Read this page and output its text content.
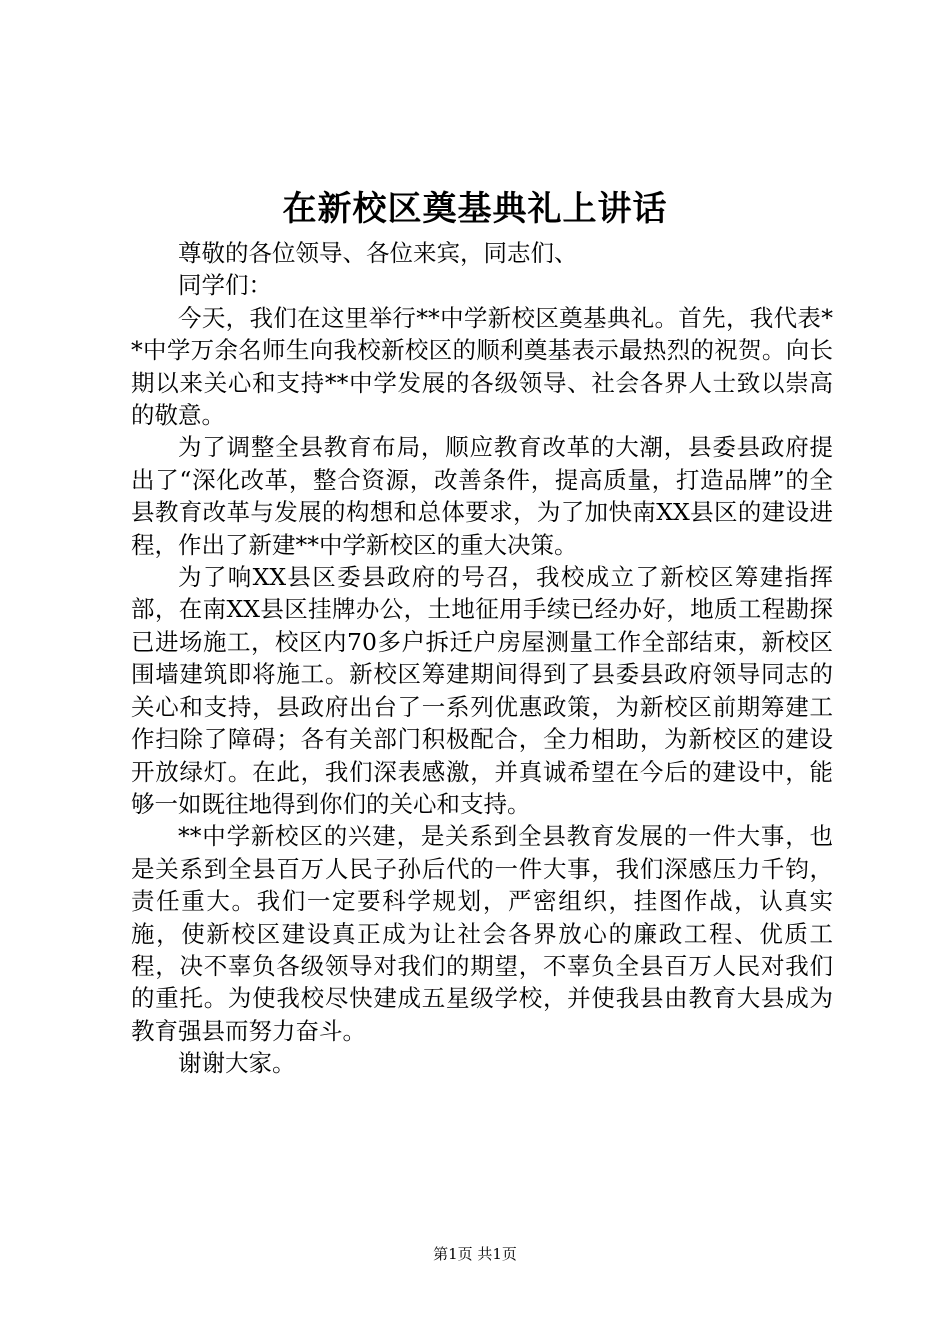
在新校区奠基典礼上讲话

尊敬的各位领导、各位来宾，同志们、

同学们：

今天，我们在这里举行**中学新校区奠基典礼。首先，我代表**中学万余名师生向我校新校区的顺利奠基表示最热烈的祝贺。向长期以来关心和支持**中学发展的各级领导、社会各界人士致以崇高的敬意。

为了调整全县教育布局，顺应教育改革的大潮，县委县政府提出了“深化改革，整合资源，改善条件，提高质量，打造品牌”的全县教育改革与发展的构想和总体要求，为了加快南XX县区的建设进程，作出了新建**中学新校区的重大决策。

为了响XX县区委县政府的号召，我校成立了新校区筹建指挥部，在南XX县区挂牌办公，土地征用手续已经办好，地质工程勘探已进场施工，校区内70多户拆迁户房屋测量工作全部结束，新校区围墙建筑即将施工。新校区筹建期间得到了县委县政府领导同志的关心和支持，县政府出台了一系列优惠政策，为新校区前期筹建工作扫除了障碍；各有关部门积极配合，全力相助，为新校区的建设开放绿灯。在此，我们深表感激，并真诚希望在今后的建设中，能够一如既往地得到你们的关心和支持。

**中学新校区的兴建，是关系到全县教育发展的一件大事，也是关系到全县百万人民子孙后代的一件大事，我们深感压力千钧，责任重大。我们一定要科学规划，严密组织，挂图作战，认真实施，使新校区建设真正成为让社会各界放心的廉政工程、优质工程，决不辜负各级领导对我们的期望，不辜负全县百万人民对我们的重托。为使我校尽快建成五星级学校，并使我县由教育大县成为教育强县而努力奋斗。

谢谢大家。

第1页 共1页
